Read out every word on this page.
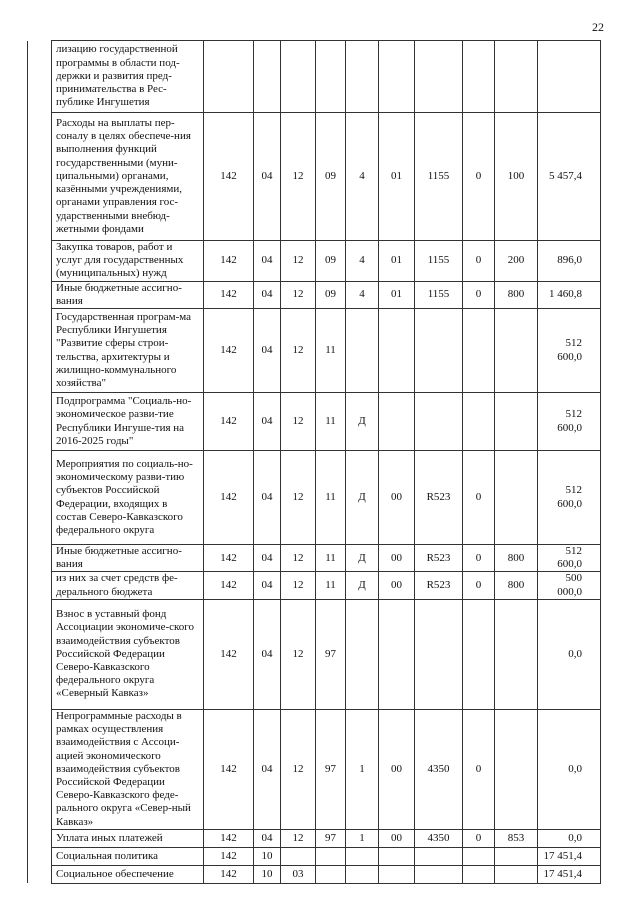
22
	лизацию государственной программы в области под-держки и развития пред-принимательства в Рес-публике Ингушетия										
	Расходы на выплаты пер-соналу в целях обеспече-ния выполнения функций государственными (муни-ципальными) органами, казёнными учреждениями, органами управления гос-ударственными внебюд-жетными фондами	142	04	12	09	4	01	1155	0	100	5 457,4
	Закупка товаров, работ и услуг для государственных (муниципальных) нужд	142	04	12	09	4	01	1155	0	200	896,0
	Иные бюджетные ассигно-вания	142	04	12	09	4	01	1155	0	800	1 460,8
	Государственная програм-ма Республики Ингушетия "Развитие сферы строи-тельства, архитектуры и жилищно-коммунального хозяйства"	142	04	12	11						512 600,0
	Подпрограмма "Социаль-но-экономическое разви-тие Республики Ингуше-тия на 2016-2025 годы"	142	04	12	11	Д					512 600,0
	Мероприятия по социаль-но-экономическому разви-тию субъектов Российской Федерации, входящих в состав Северо-Кавказского федерального округа	142	04	12	11	Д	00	R523	0		512 600,0
	Иные бюджетные ассигно-вания	142	04	12	11	Д	00	R523	0	800	512 600,0
	из них за счет средств фе-дерального бюджета	142	04	12	11	Д	00	R523	0	800	500 000,0
	Взнос в уставный фонд Ассоциации экономиче-ского взаимодействия субъектов Российской Федерации Северо-Кавказского федерального округа «Северный Кавказ»	142	04	12	97						0,0
	Непрограммные расходы в рамках осуществления взаимодействия с Ассоци-ацией экономического взаимодействия субъектов Российской Федерации Северо-Кавказского феде-рального округа «Север-ный Кавказ»	142	04	12	97	1	00	4350	0		0,0
	Уплата иных платежей	142	04	12	97	1	00	4350	0	853	0,0
	Социальная политика	142	10								17 451,4
	Социальное обеспечение	142	10	03							17 451,4
